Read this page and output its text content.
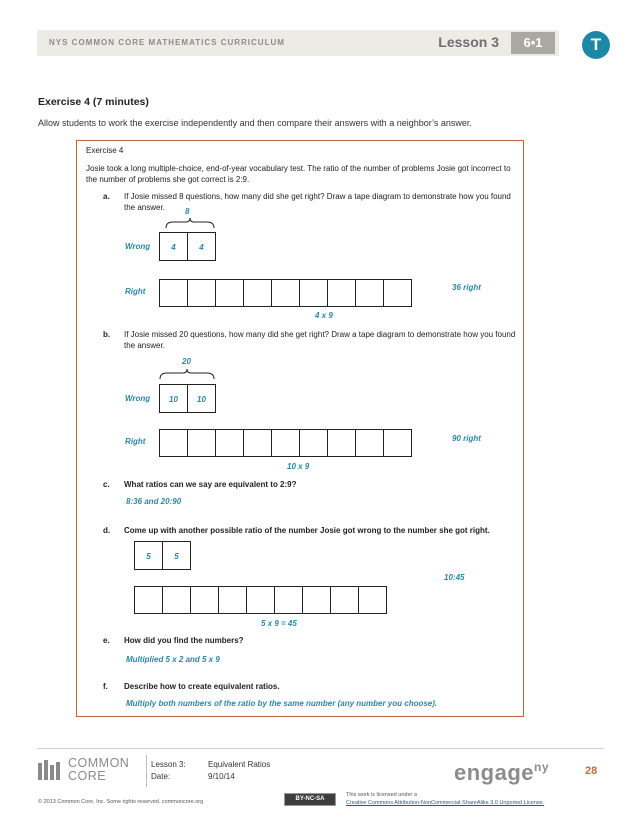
NYS COMMON CORE MATHEMATICS CURRICULUM	Lesson 3	6•1	T
Exercise 4 (7 minutes)
Allow students to work the exercise independently and then compare their answers with a neighbor’s answer.
Exercise 4
Josie took a long multiple-choice, end-of-year vocabulary test. The ratio of the number of problems Josie got incorrect to
the number of problems she got correct is 2:9.
a. If Josie missed 8 questions, how many did she get right? Draw a tape diagram to demonstrate how you found
the answer.	8
Wrong	4	4
Right	36 right
4 x 9
b. If Josie missed 20 questions, how many did she get right? Draw a tape diagram to demonstrate how you found
the answer.
20
Wrong	10	10
Right	90 right
10 x 9
c. What ratios can we say are equivalent to 2:9?
8:36 and 20:90
d. Come up with another possible ratio of the number Josie got wrong to the number she got right.
5	5
10:45
5 x 9 = 45
e. How did you find the numbers?
Multiplied 5 x 2 and 5 x 9
f. Describe how to create equivalent ratios.
Multiply both numbers of the ratio by the same number (any number you choose).
COMMON
CORE
Lesson 3:	Equivalent Ratios
Date:	9/10/14	engage$^{ny}$	28
© 2013 Common Core, Inc. Some rights reserved. commoncore.org	BY-NC-SA
This work is licensed under a
Creative Commons Attribution-NonCommercial-ShareAlike 3.0 Unported License.
